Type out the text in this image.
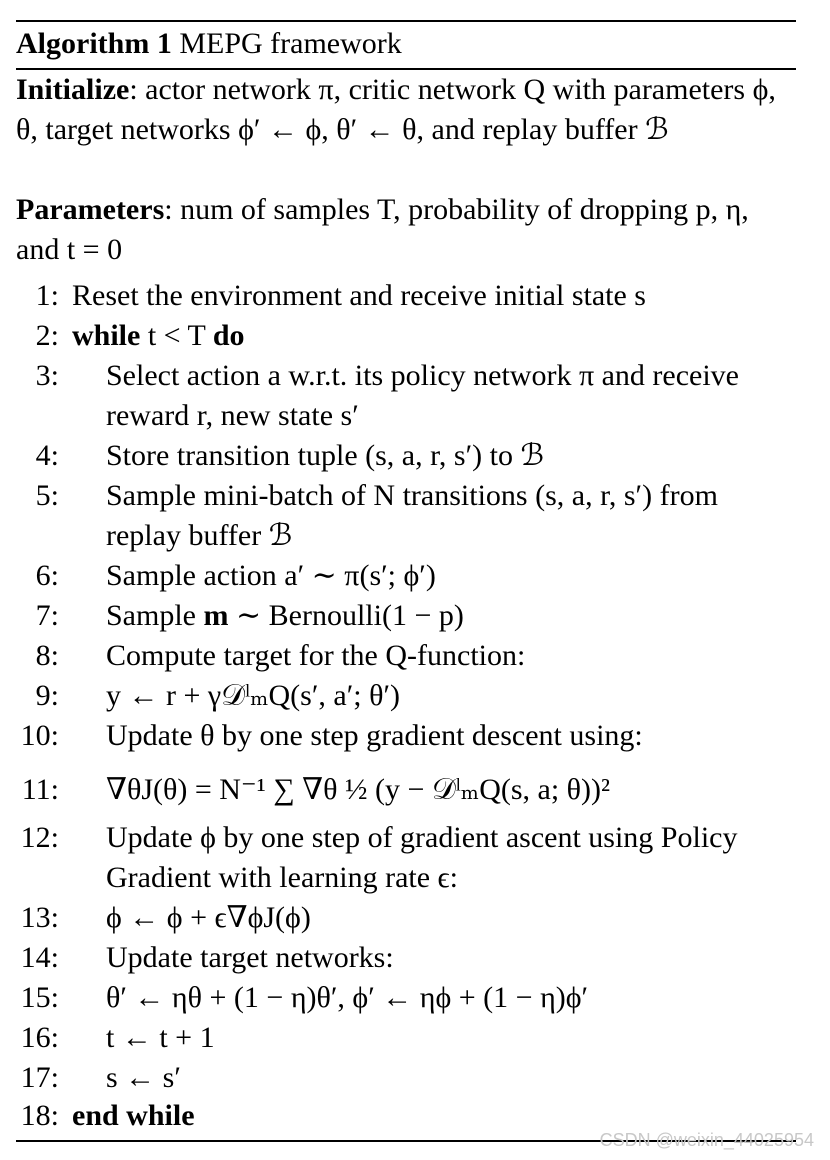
Algorithm 1 MEPG framework
Initialize: actor network π, critic network Q with parameters ϕ, θ, target networks ϕ′ ← ϕ, θ′ ← θ, and replay buffer ℬ
Parameters: num of samples T, probability of dropping p, η, and t = 0
1: Reset the environment and receive initial state s
2: while t < T do
3: Select action a w.r.t. its policy network π and receive
reward r, new state s′
4: Store transition tuple (s, a, r, s′) to ℬ
5: Sample mini-batch of N transitions (s, a, r, s′) from
replay buffer ℬ
6: Sample action a′ ∼ π(s′; ϕ′)
7: Sample m ∼ Bernoulli(1 − p)
8: Compute target for the Q-function:
9: y ← r + γ𝒟ˡₘQ(s′, a′; θ′)
10: Update θ by one step gradient descent using:
11: ∇θJ(θ) = N⁻¹ ∑ ∇θ ½ (y − 𝒟ˡₘQ(s, a; θ))²
12: Update ϕ by one step of gradient ascent using Policy
Gradient with learning rate ϵ:
13: ϕ ← ϕ + ϵ∇ϕJ(ϕ)
14: Update target networks:
15: θ′ ← ηθ + (1 − η)θ′, ϕ′ ← ηϕ + (1 − η)ϕ′
16: t ← t + 1
17: s ← s′
18: end while
CSDN @weixin_44025954
